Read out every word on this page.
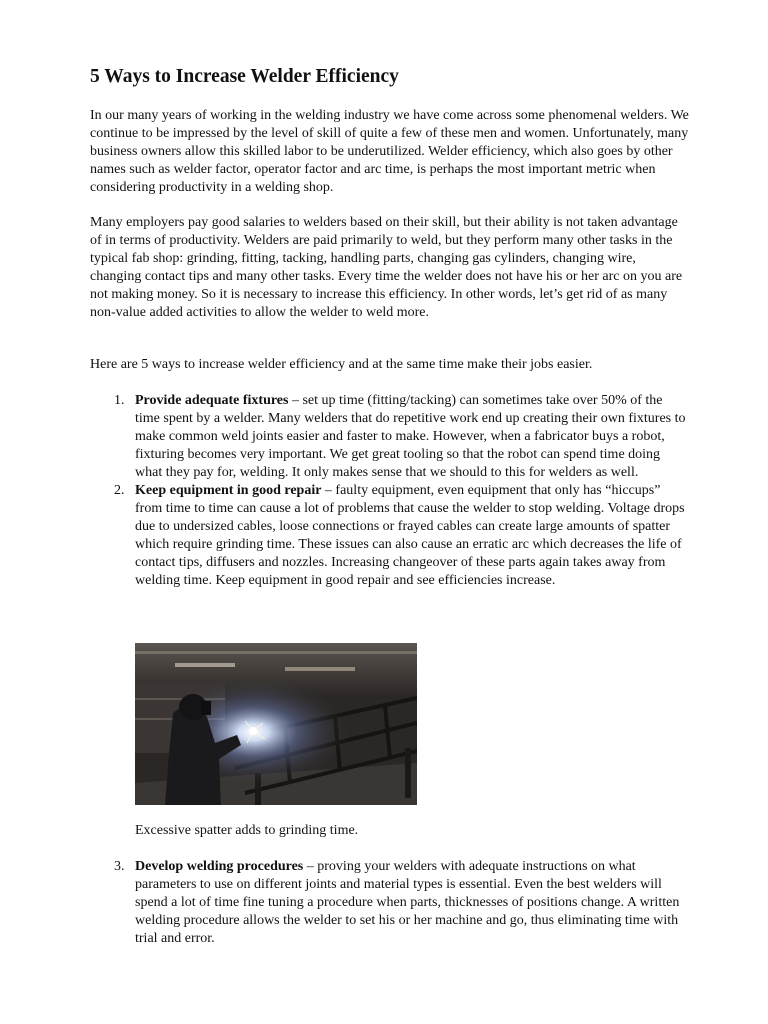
5 Ways to Increase Welder Efficiency

In our many years of working in the welding industry we have come across some phenomenal welders. We continue to be impressed by the level of skill of quite a few of these men and women. Unfortunately, many business owners allow this skilled labor to be underutilized. Welder efficiency, which also goes by other names such as welder factor, operator factor and arc time, is perhaps the most important metric when considering productivity in a welding shop.

Many employers pay good salaries to welders based on their skill, but their ability is not taken advantage of in terms of productivity. Welders are paid primarily to weld, but they perform many other tasks in the typical fab shop: grinding, fitting, tacking, handling parts, changing gas cylinders, changing wire, changing contact tips and many other tasks. Every time the welder does not have his or her arc on you are not making money. So it is necessary to increase this efficiency. In other words, let’s get rid of as many non-value added activities to allow the welder to weld more.

Here are 5 ways to increase welder efficiency and at the same time make their jobs easier.

1. Provide adequate fixtures – set up time (fitting/tacking) can sometimes take over 50% of the time spent by a welder. Many welders that do repetitive work end up creating their own fixtures to make common weld joints easier and faster to make. However, when a fabricator buys a robot, fixturing becomes very important. We get great tooling so that the robot can spend time doing what they pay for, welding. It only makes sense that we should to this for welders as well.
2. Keep equipment in good repair – faulty equipment, even equipment that only has “hiccups” from time to time can cause a lot of problems that cause the welder to stop welding. Voltage drops due to undersized cables, loose connections or frayed cables can create large amounts of spatter which require grinding time. These issues can also cause an erratic arc which decreases the life of contact tips, diffusers and nozzles. Increasing changeover of these parts again takes away from welding time. Keep equipment in good repair and see efficiencies increase.

Excessive spatter adds to grinding time.

3. Develop welding procedures – proving your welders with adequate instructions on what parameters to use on different joints and material types is essential. Even the best welders will spend a lot of time fine tuning a procedure when parts, thicknesses of positions change. A written welding procedure allows the welder to set his or her machine and go, thus eliminating time with trial and error.
